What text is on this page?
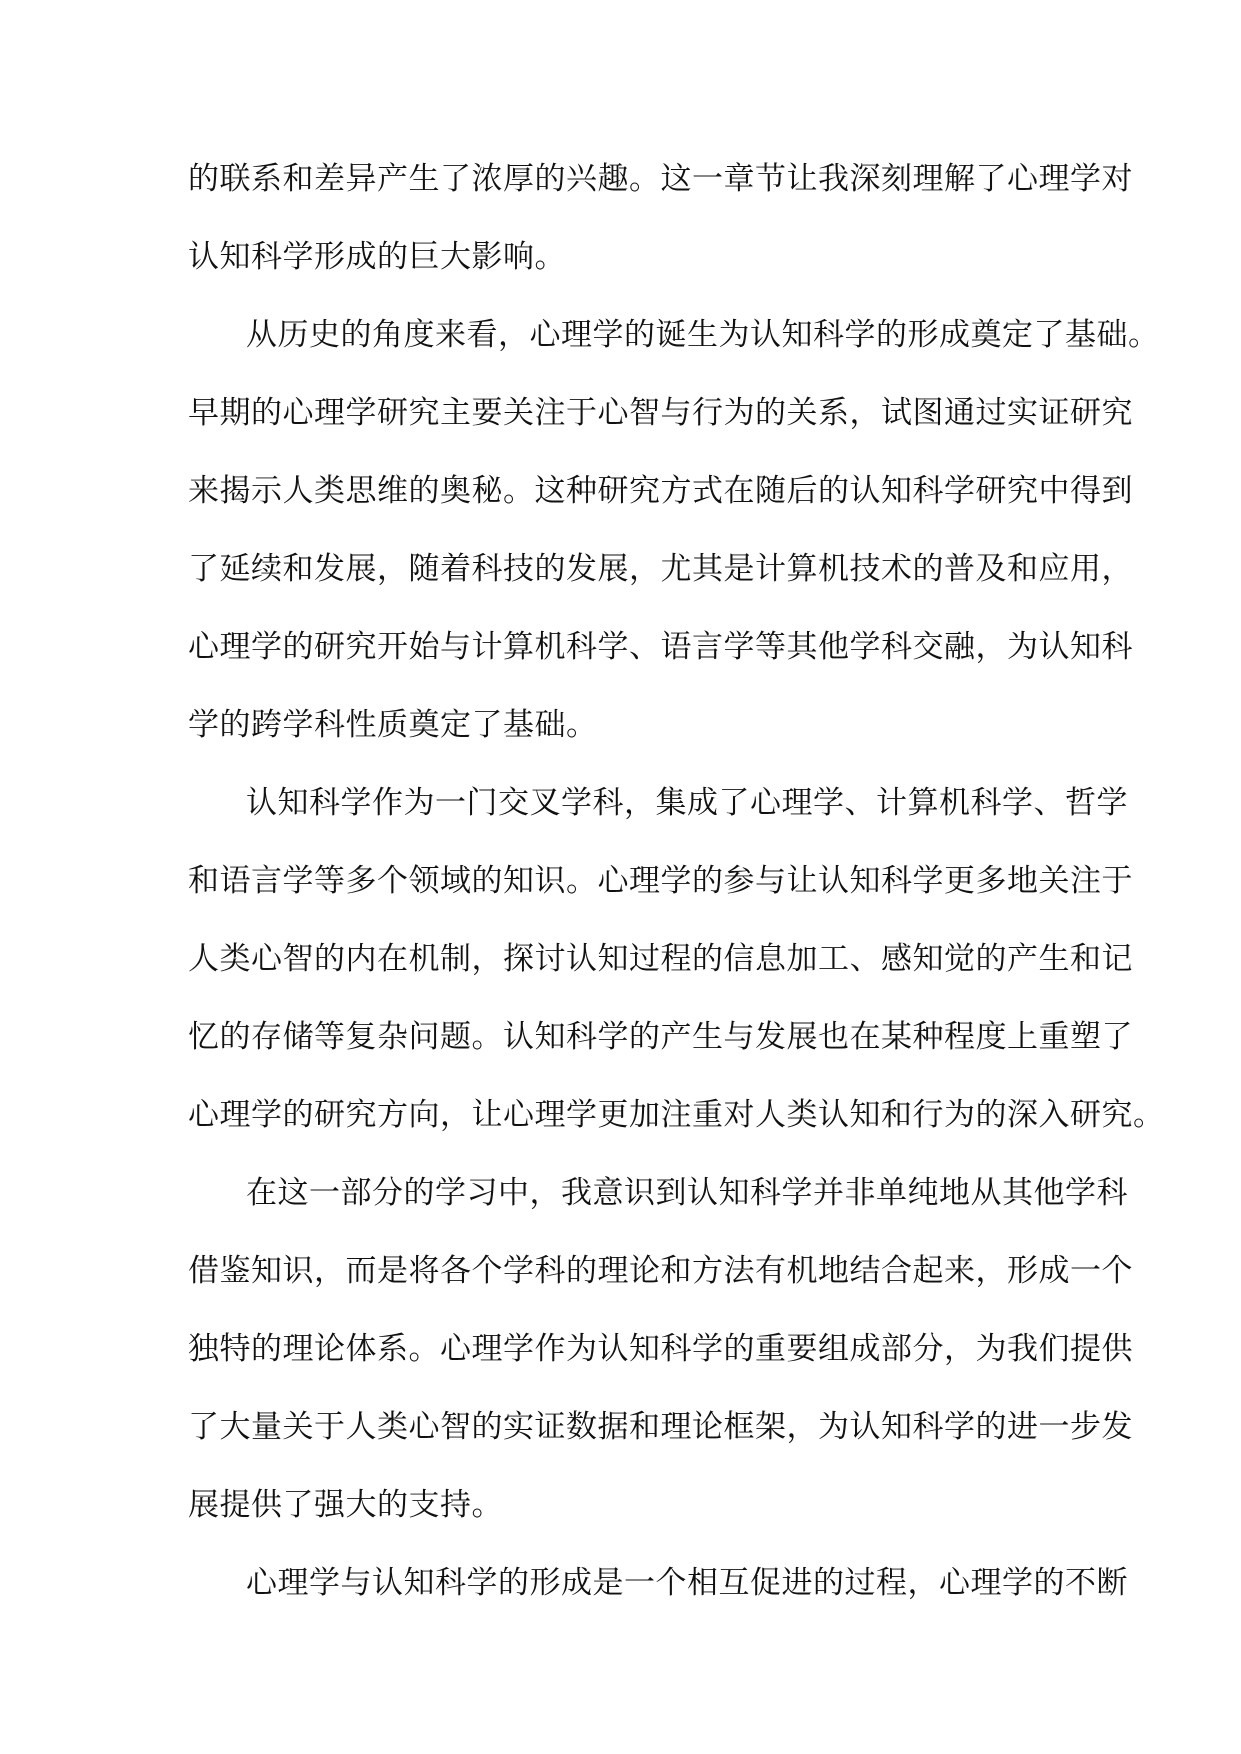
的联系和差异产生了浓厚的兴趣。这一章节让我深刻理解了心理学对
认知科学形成的巨大影响。
从历史的角度来看，心理学的诞生为认知科学的形成奠定了基础。
早期的心理学研究主要关注于心智与行为的关系，试图通过实证研究
来揭示人类思维的奥秘。这种研究方式在随后的认知科学研究中得到
了延续和发展，随着科技的发展，尤其是计算机技术的普及和应用，
心理学的研究开始与计算机科学、语言学等其他学科交融，为认知科
学的跨学科性质奠定了基础。
认知科学作为一门交叉学科，集成了心理学、计算机科学、哲学
和语言学等多个领域的知识。心理学的参与让认知科学更多地关注于
人类心智的内在机制，探讨认知过程的信息加工、感知觉的产生和记
忆的存储等复杂问题。认知科学的产生与发展也在某种程度上重塑了
心理学的研究方向，让心理学更加注重对人类认知和行为的深入研究。
在这一部分的学习中，我意识到认知科学并非单纯地从其他学科
借鉴知识，而是将各个学科的理论和方法有机地结合起来，形成一个
独特的理论体系。心理学作为认知科学的重要组成部分，为我们提供
了大量关于人类心智的实证数据和理论框架，为认知科学的进一步发
展提供了强大的支持。
心理学与认知科学的形成是一个相互促进的过程，心理学的不断
